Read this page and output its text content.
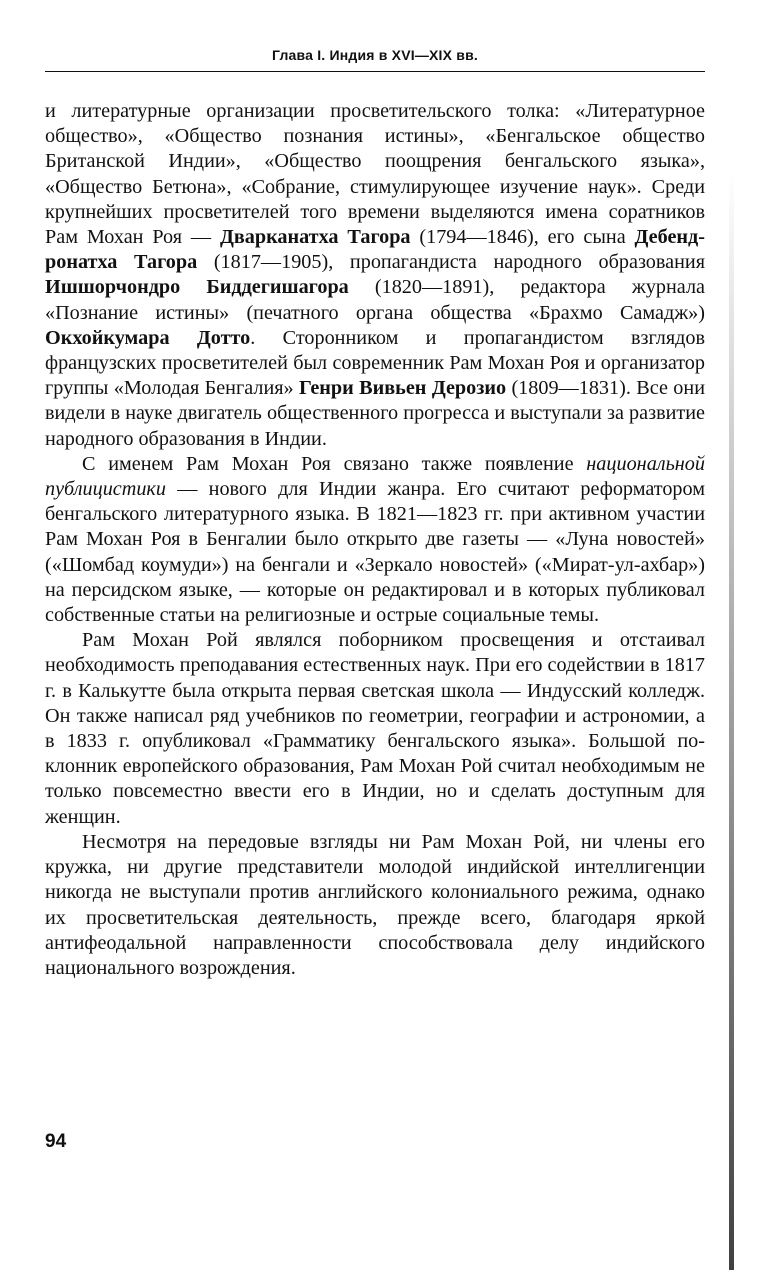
Глава I. Индия в XVI—XIX вв.

и литературные организации просветительского толка: «Литературное общество», «Общество познания истины», «Бенгальское общество Британской Индии», «Общество поощрения бенгальского языка», «Общество Бетюна», «Собрание, стимулирующее изучение наук». Среди крупнейших просветителей того времени выделяются имена соратников Рам Мохан Роя — Дварканатха Тагора (1794—1846), его сына Дебендронатха Тагора (1817—1905), пропагандиста народного образования Ишшорчондро Биддегишагора (1820—1891), редактора журнала «Познание истины» (печатного органа общества «Брахмо Самадж») Окхойкумара Дотто. Сторонником и пропагандистом взглядов французских просветителей был современник Рам Мохан Роя и организатор группы «Молодая Бенгалия» Генри Вивьен Дерозио (1809—1831). Все они видели в науке двигатель общественного прогресса и выступали за развитие народного образования в Индии.

С именем Рам Мохан Роя связано также появление национальной публицистики — нового для Индии жанра. Его считают реформатором бенгальского литературного языка. В 1821—1823 гг. при активном участии Рам Мохан Роя в Бенгалии было открыто две газеты — «Луна новостей» («Шомбад коумуди») на бенгали и «Зеркало новостей» («Мират-ул-ахбар») на персидском языке, — которые он редактировал и в которых публиковал собственные статьи на религиозные и острые социальные темы.

Рам Мохан Рой являлся поборником просвещения и отстаивал необходимость преподавания естественных наук. При его содействии в 1817 г. в Калькутте была открыта первая светская школа — Индусский колледж. Он также написал ряд учебников по геометрии, географии и астрономии, а в 1833 г. опубликовал «Грамматику бенгальского языка». Большой поклонник европейского образования, Рам Мохан Рой считал необходимым не только повсеместно ввести его в Индии, но и сделать доступным для женщин.

Несмотря на передовые взгляды ни Рам Мохан Рой, ни члены его кружка, ни другие представители молодой индийской интеллигенции никогда не выступали против английского колониального режима, однако их просветительская деятельность, прежде всего, благодаря яркой антифеодальной направленности способствовала делу индийского национального возрождения.

94
